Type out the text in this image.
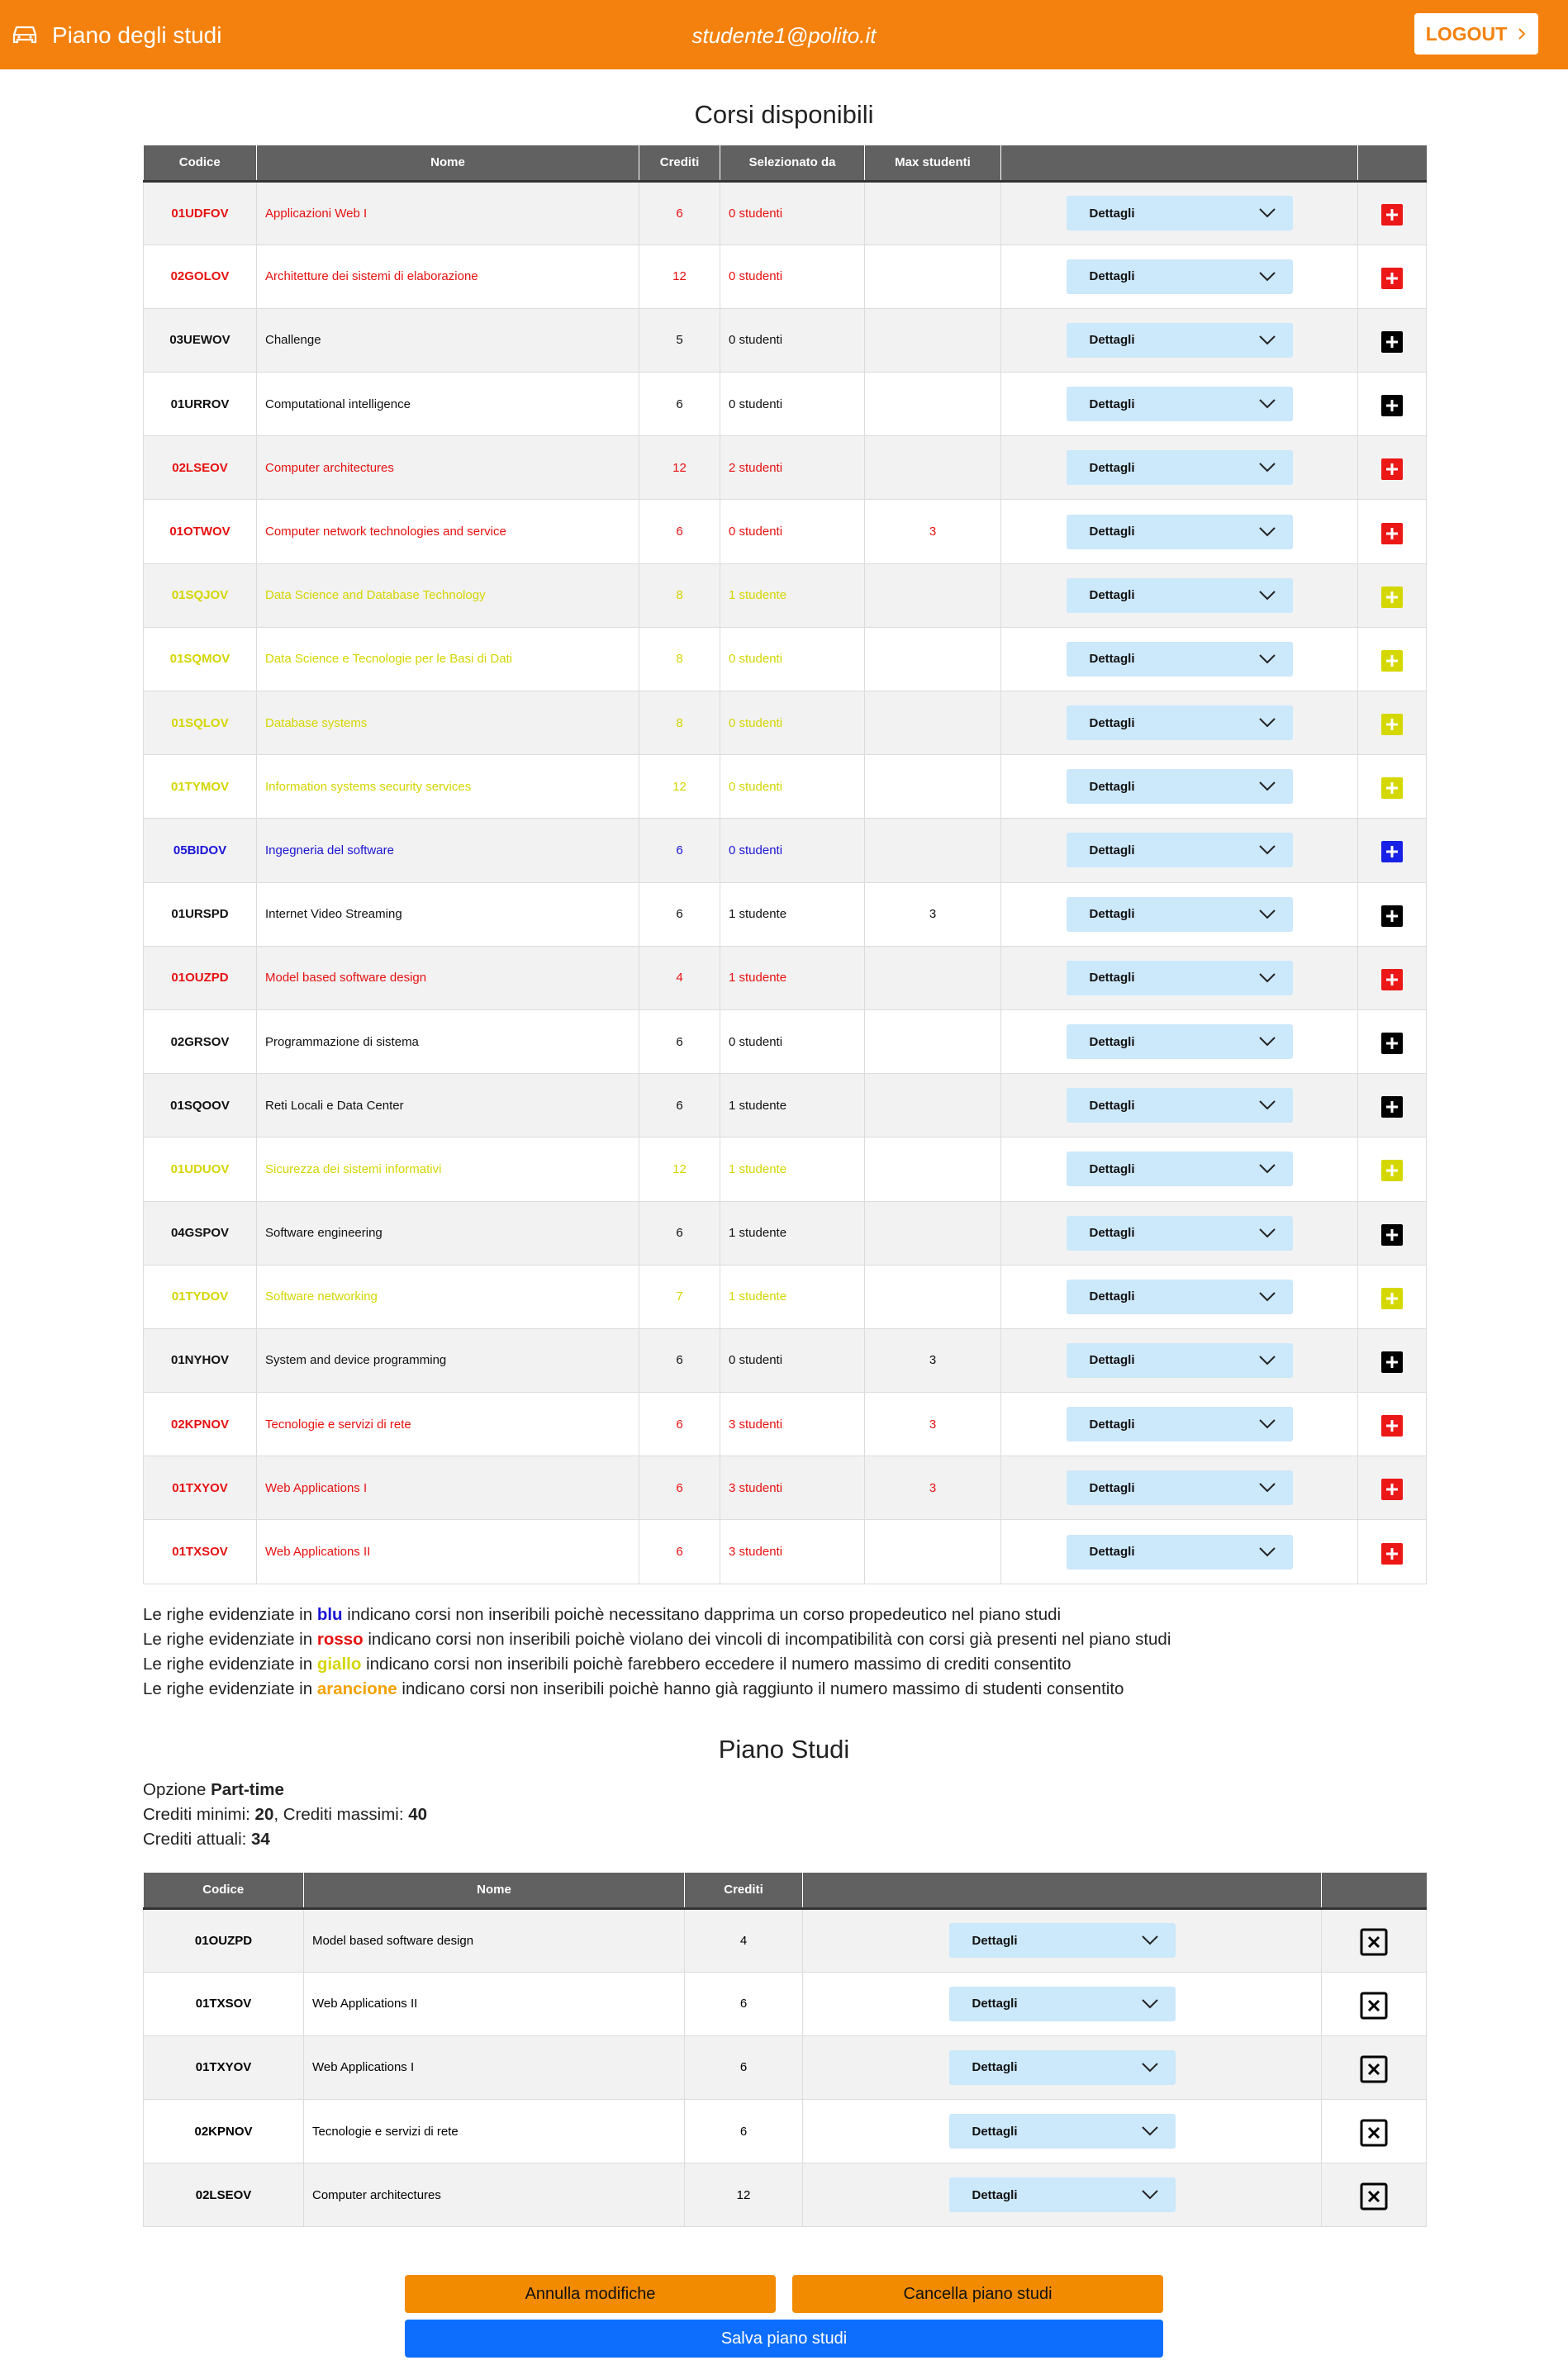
Piano degli studi	studente1@polito.it	LOGOUT
Corsi disponibili
Codice	Nome	Crediti	Selezionato da	Max studenti		
01UDFOV	Applicazioni Web I	6	0 studenti		Dettagli

02GOLOV	Architetture dei sistemi di elaborazione	12	0 studenti		Dettagli

03UEWOV	Challenge	5	0 studenti		Dettagli

01URROV	Computational intelligence	6	0 studenti		Dettagli

02LSEOV	Computer architectures	12	2 studenti		Dettagli

01OTWOV	Computer network technologies and service	6	0 studenti	3	Dettagli

01SQJOV	Data Science and Database Technology	8	1 studente		Dettagli

01SQMOV	Data Science e Tecnologie per le Basi di Dati	8	0 studenti		Dettagli

01SQLOV	Database systems	8	0 studenti		Dettagli

01TYMOV	Information systems security services	12	0 studenti		Dettagli

05BIDOV	Ingegneria del software	6	0 studenti		Dettagli

01URSPD	Internet Video Streaming	6	1 studente	3	Dettagli

01OUZPD	Model based software design	4	1 studente		Dettagli

02GRSOV	Programmazione di sistema	6	0 studenti		Dettagli

01SQOOV	Reti Locali e Data Center	6	1 studente		Dettagli

01UDUOV	Sicurezza dei sistemi informativi	12	1 studente		Dettagli

04GSPOV	Software engineering	6	1 studente		Dettagli

01TYDOV	Software networking	7	1 studente		Dettagli

01NYHOV	System and device programming	6	0 studenti	3	Dettagli

02KPNOV	Tecnologie e servizi di rete	6	3 studenti	3	Dettagli

01TXYOV	Web Applications I	6	3 studenti	3	Dettagli

01TXSOV	Web Applications II	6	3 studenti		Dettagli

Le righe evidenziate in blu indicano corsi non inseribili poichè necessitano dapprima un corso propedeutico nel piano studi
Le righe evidenziate in rosso indicano corsi non inseribili poichè violano dei vincoli di incompatibilità con corsi già presenti nel piano studi
Le righe evidenziate in giallo indicano corsi non inseribili poichè farebbero eccedere il numero massimo di crediti consentito
Le righe evidenziate in arancione indicano corsi non inseribili poichè hanno già raggiunto il numero massimo di studenti consentito
Piano Studi
Opzione Part-time
Crediti minimi: 20, Crediti massimi: 40
Crediti attuali: 34
Codice	Nome	Crediti		
01OUZPD	Model based software design	4	Dettagli

01TXSOV	Web Applications II	6	Dettagli

01TXYOV	Web Applications I	6	Dettagli

02KPNOV	Tecnologie e servizi di rete	6	Dettagli

02LSEOV	Computer architectures	12	Dettagli

Annulla modifiche	Cancella piano studi
Salva piano studi
